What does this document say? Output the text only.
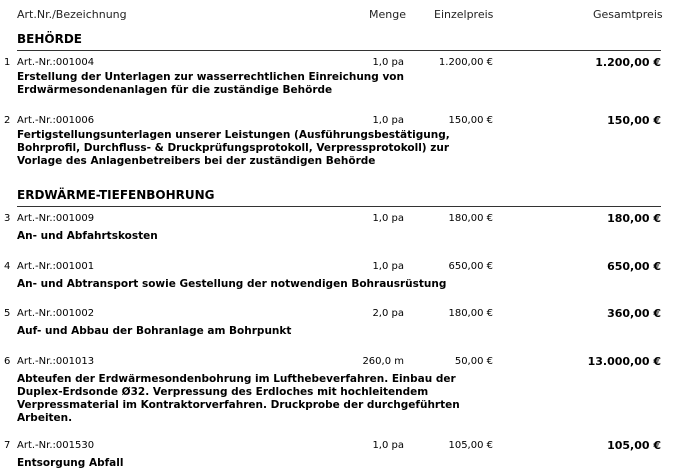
Art.Nr./Bezeichnung	Menge	Einzelpreis	Gesamtpreis
BEHÖRDE
1 Art.-Nr.:001004	1,0 pa	1.200,00 €	1.200,00 €
Erstellung der Unterlagen zur wasserrechtlichen Einreichung von
Erdwärmesondenanlagen für die zuständige Behörde
2 Art.-Nr.:001006	1,0 pa	150,00 €	150,00 €
Fertigstellungsunterlagen unserer Leistungen (Ausführungsbestätigung,
Bohrprofil, Durchfluss- & Druckprüfungsprotokoll, Verpressprotokoll) zur
Vorlage des Anlagenbetreibers bei der zuständigen Behörde
ERDWÄRME-TIEFENBOHRUNG
3 Art.-Nr.:001009	1,0 pa	180,00 €	180,00 €
An- und Abfahrtskosten
4 Art.-Nr.:001001	1,0 pa	650,00 €	650,00 €
An- und Abtransport sowie Gestellung der notwendigen Bohrausrüstung
5 Art.-Nr.:001002	2,0 pa	180,00 €	360,00 €
Auf- und Abbau der Bohranlage am Bohrpunkt
6 Art.-Nr.:001013	260,0 m	50,00 €	13.000,00 €
Abteufen der Erdwärmesondenbohrung im Lufthebeverfahren. Einbau der
Duplex-Erdsonde Ø32. Verpressung des Erdloches mit hochleitendem
Verpressmaterial im Kontraktorverfahren. Druckprobe der durchgeführten
Arbeiten.
7 Art.-Nr.:001530	1,0 pa	105,00 €	105,00 €
Entsorgung Abfall
